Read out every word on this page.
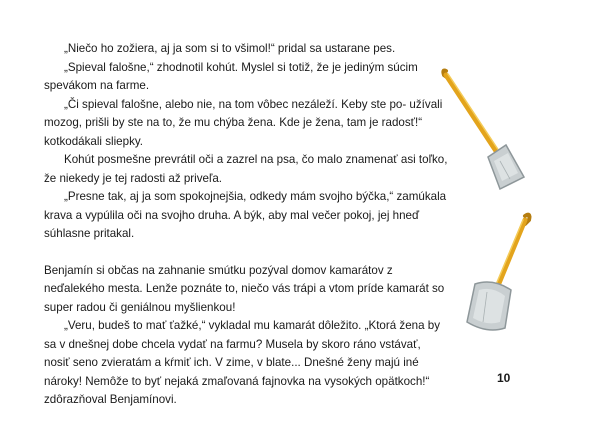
„Niečo ho zožiera, aj ja som si to všimol!“ pridal sa ustarane pes.

„Spieval falošne,“ zhodnotil kohút. Myslel si totiž, že je jediným súcim spevákom na farme.

„Či spieval falošne, alebo nie, na tom vôbec nezáleží. Keby ste po- užívali mozog, prišli by ste na to, že mu chýba žena. Kde je žena, tam je radosť!“ kotkodákali sliepky.

Kohút posmešne prevrátil oči a zazrel na psa, čo malo znamenať asi toľko, že niekedy je tej radosti až priveľa.

„Presne tak, aj ja som spokojnejšia, odkedy mám svojho býčka,“ zamúkala krava a vypúlila oči na svojho druha. A býk, aby mal večer pokoj, jej hneď súhlasne pritakal.

Benjamín si občas na zahnanie smútku pozýval domov kamarátov z neďalekého mesta. Lenže poznáte to, niečo vás trápi a vtom príde kamarát so super radou či geniálnou myšlienkou!

„Veru, budeš to mať ťažké,“ vykladal mu kamarát dôležito. „Ktorá žena by sa v dnešnej dobe chcela vydať na farmu? Musela by skoro ráno vstávať, nosiť seno zvieratám a kŕmiť ich. V zime, v blate... Dnešné ženy majú iné nároky! Nemôže to byť nejaká zmaľovaná fajnovka na vysokých opätkoch!“ zdôrazňoval Benjamínovi.

10
